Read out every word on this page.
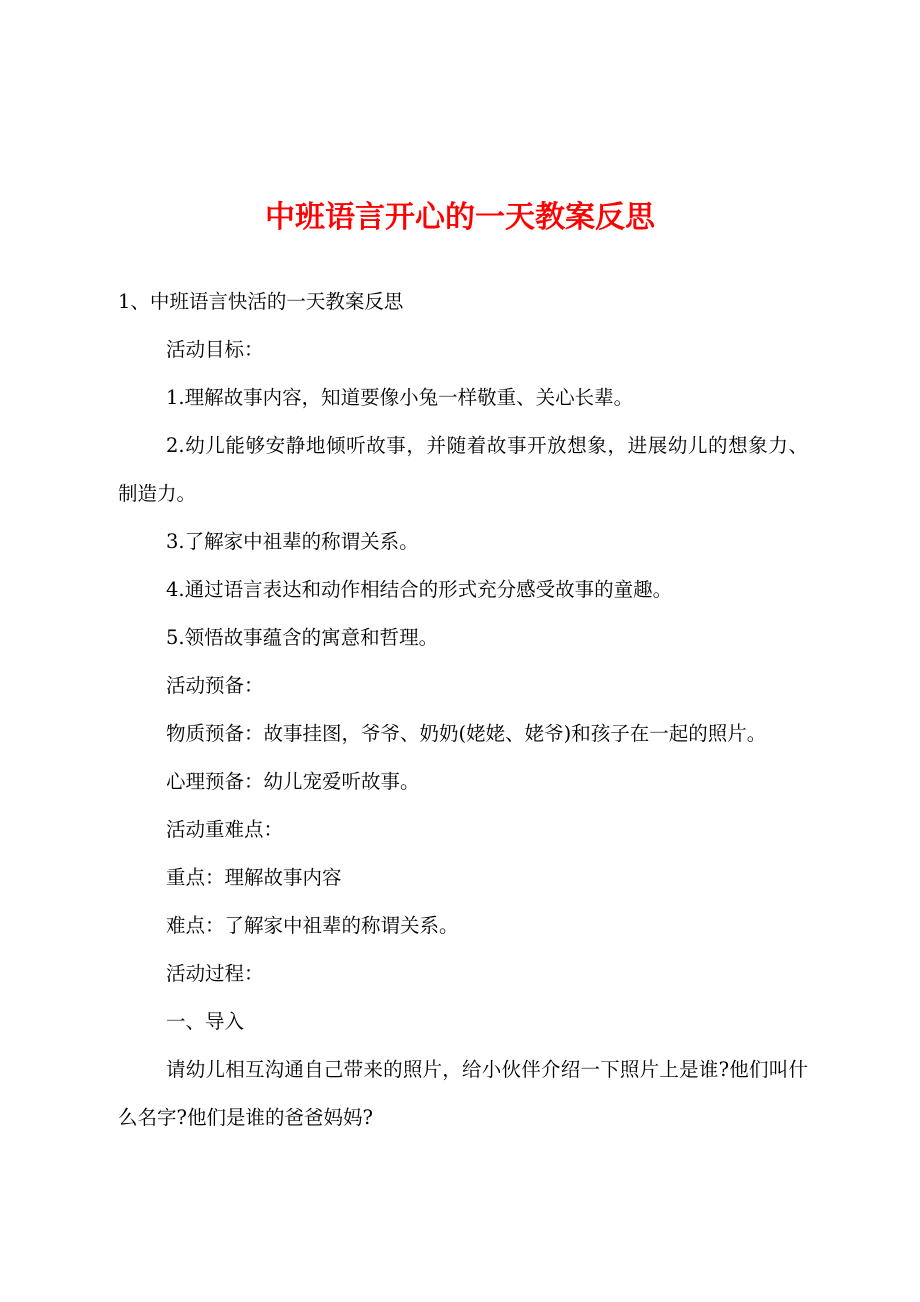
中班语言开心的一天教案反思

1、中班语言快活的一天教案反思

活动目标：

1.理解故事内容，知道要像小兔一样敬重、关心长辈。

2.幼儿能够安静地倾听故事，并随着故事开放想象，进展幼儿的想象力、制造力。

3.了解家中祖辈的称谓关系。

4.通过语言表达和动作相结合的形式充分感受故事的童趣。

5.领悟故事蕴含的寓意和哲理。

活动预备：

物质预备：故事挂图，爷爷、奶奶(姥姥、姥爷)和孩子在一起的照片。

心理预备：幼儿宠爱听故事。

活动重难点：

重点：理解故事内容

难点：了解家中祖辈的称谓关系。

活动过程：

一、导入

请幼儿相互沟通自己带来的照片，给小伙伴介绍一下照片上是谁?他们叫什么名字?他们是谁的爸爸妈妈?
